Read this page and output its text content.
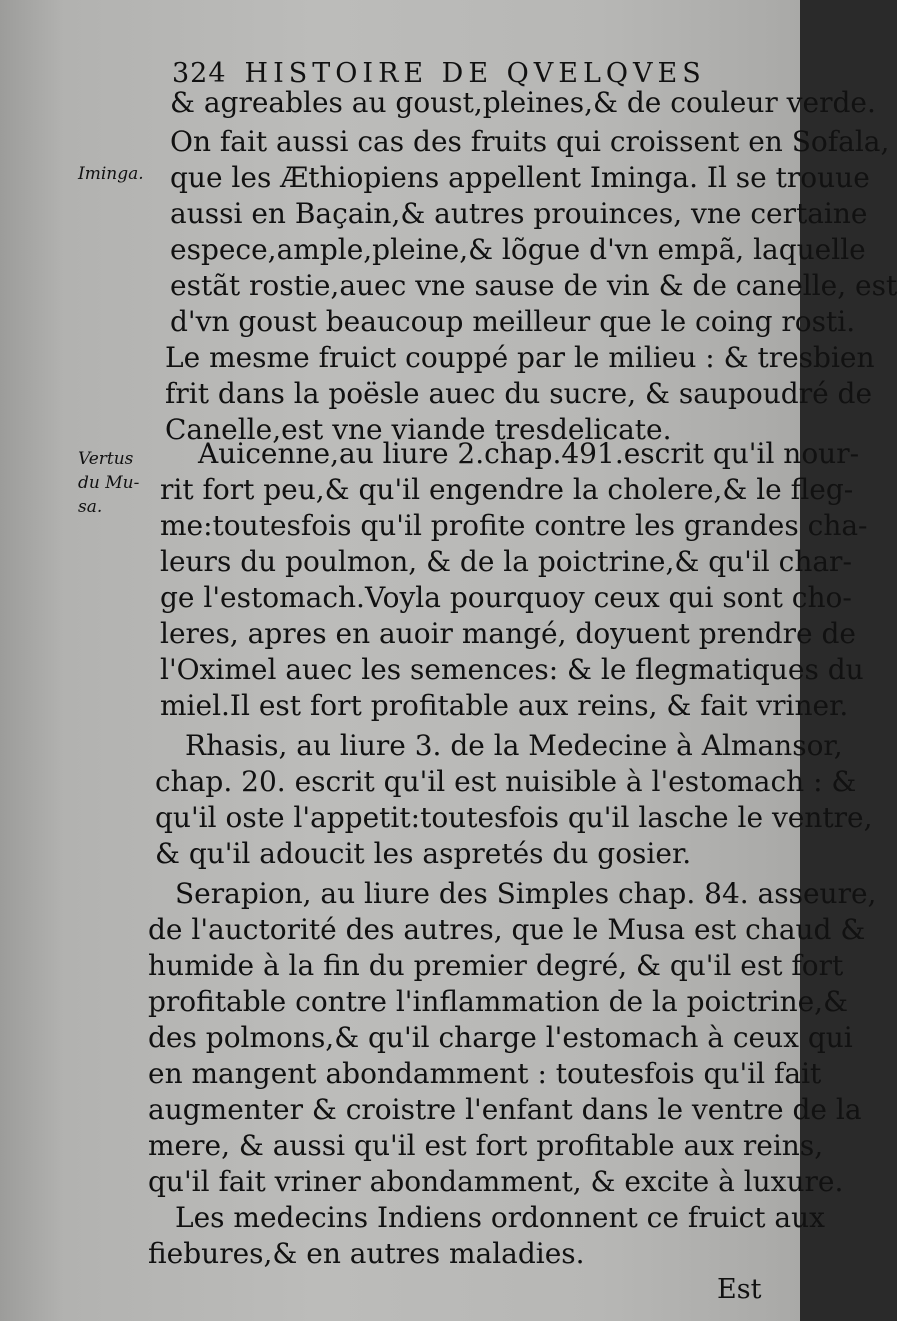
324 HISTOIRE DE QVELQVES
Iminga.
Vertus
du Mu-
sa.
& agreables au goust,pleines,& de couleur verde.
On fait aussi cas des fruits qui croissent en Sofala,
que les Æthiopiens appellent Iminga. Il se trouue
aussi en Baçain,& autres prouinces, vne certaine
espece,ample,pleine,& lõgue d'vn empã, laquelle
estãt rostie,auec vne sause de vin & de canelle, est
d'vn goust beaucoup meilleur que le coing rosti.
Le mesme fruict couppé par le milieu : & tresbien
frit dans la poësle auec du sucre, & saupoudré de
Canelle,est vne viande tresdelicate.
Auicenne,au liure 2.chap.491.escrit qu'il nour-
rit fort peu,& qu'il engendre la cholere,& le fleg-
me:toutesfois qu'il profite contre les grandes cha-
leurs du poulmon, & de la poictrine,& qu'il char-
ge l'estomach.Voyla pourquoy ceux qui sont cho-
leres, apres en auoir mangé, doyuent prendre de
l'Oximel auec les semences: & le flegmatiques du
miel.Il est fort profitable aux reins, & fait vriner.
Rhasis, au liure 3. de la Medecine à Almansor,
chap. 20. escrit qu'il est nuisible à l'estomach : &
qu'il oste l'appetit:toutesfois qu'il lasche le ventre,
& qu'il adoucit les aspretés du gosier.
Serapion, au liure des Simples chap. 84. asseure,
de l'auctorité des autres, que le Musa est chaud &
humide à la fin du premier degré, & qu'il est fort
profitable contre l'inflammation de la poictrine,&
des polmons,& qu'il charge l'estomach à ceux qui
en mangent abondamment : toutesfois qu'il fait
augmenter & croistre l'enfant dans le ventre de la
mere, & aussi qu'il est fort profitable aux reins,
qu'il fait vriner abondamment, & excite à luxure.
Les medecins Indiens ordonnent ce fruict aux
fiebures,& en autres maladies.
Est
